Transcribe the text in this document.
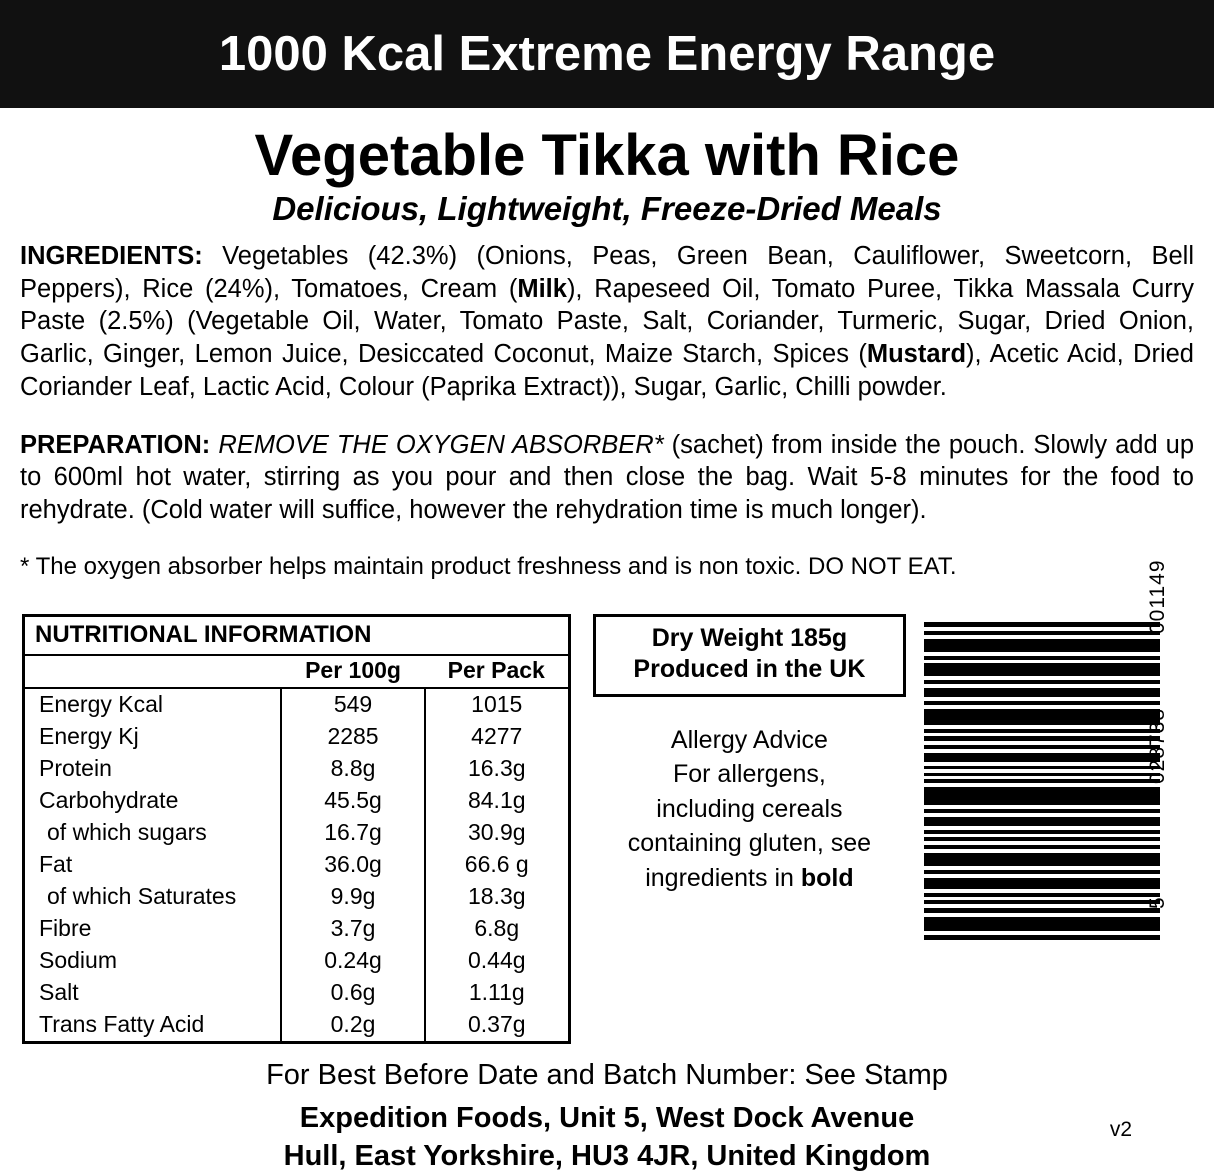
1000 Kcal Extreme Energy Range
Vegetable Tikka with Rice
Delicious, Lightweight, Freeze-Dried Meals

INGREDIENTS: Vegetables (42.3%) (Onions, Peas, Green Bean, Cauliflower, Sweetcorn, Bell Peppers), Rice (24%), Tomatoes, Cream (Milk), Rapeseed Oil, Tomato Puree, Tikka Massala Curry Paste (2.5%) (Vegetable Oil, Water, Tomato Paste, Salt, Coriander, Turmeric, Sugar, Dried Onion, Garlic, Ginger, Lemon Juice, Desiccated Coconut, Maize Starch, Spices (Mustard), Acetic Acid, Dried Coriander Leaf, Lactic Acid, Colour (Paprika Extract)), Sugar, Garlic, Chilli powder.

PREPARATION: REMOVE THE OXYGEN ABSORBER* (sachet) from inside the pouch. Slowly add up to 600ml hot water, stirring as you pour and then close the bag. Wait 5-8 minutes for the food to rehydrate. (Cold water will suffice, however the rehydration time is much longer).

* The oxygen absorber helps maintain product freshness and is non toxic. DO NOT EAT.

NUTRITIONAL INFORMATION
	Per 100g	Per Pack
Energy Kcal	549	1015
Energy Kj	2285	4277
Protein	8.8g	16.3g
Carbohydrate	45.5g	84.1g
of which sugars	16.7g	30.9g
Fat	36.0g	66.6 g
of which Saturates	9.9g	18.3g
Fibre	3.7g	6.8g
Sodium	0.24g	0.44g
Salt	0.6g	1.11g
Trans Fatty Acid	0.2g	0.37g
Dry Weight 185g
Produced in the UK
Allergy Advice
For allergens,
including cereals
containing gluten, see
ingredients in bold
001149
028738
5
For Best Before Date and Batch Number: See Stamp
Expedition Foods, Unit 5, West Dock Avenue
Hull, East Yorkshire, HU3 4JR, United Kingdom
v2
